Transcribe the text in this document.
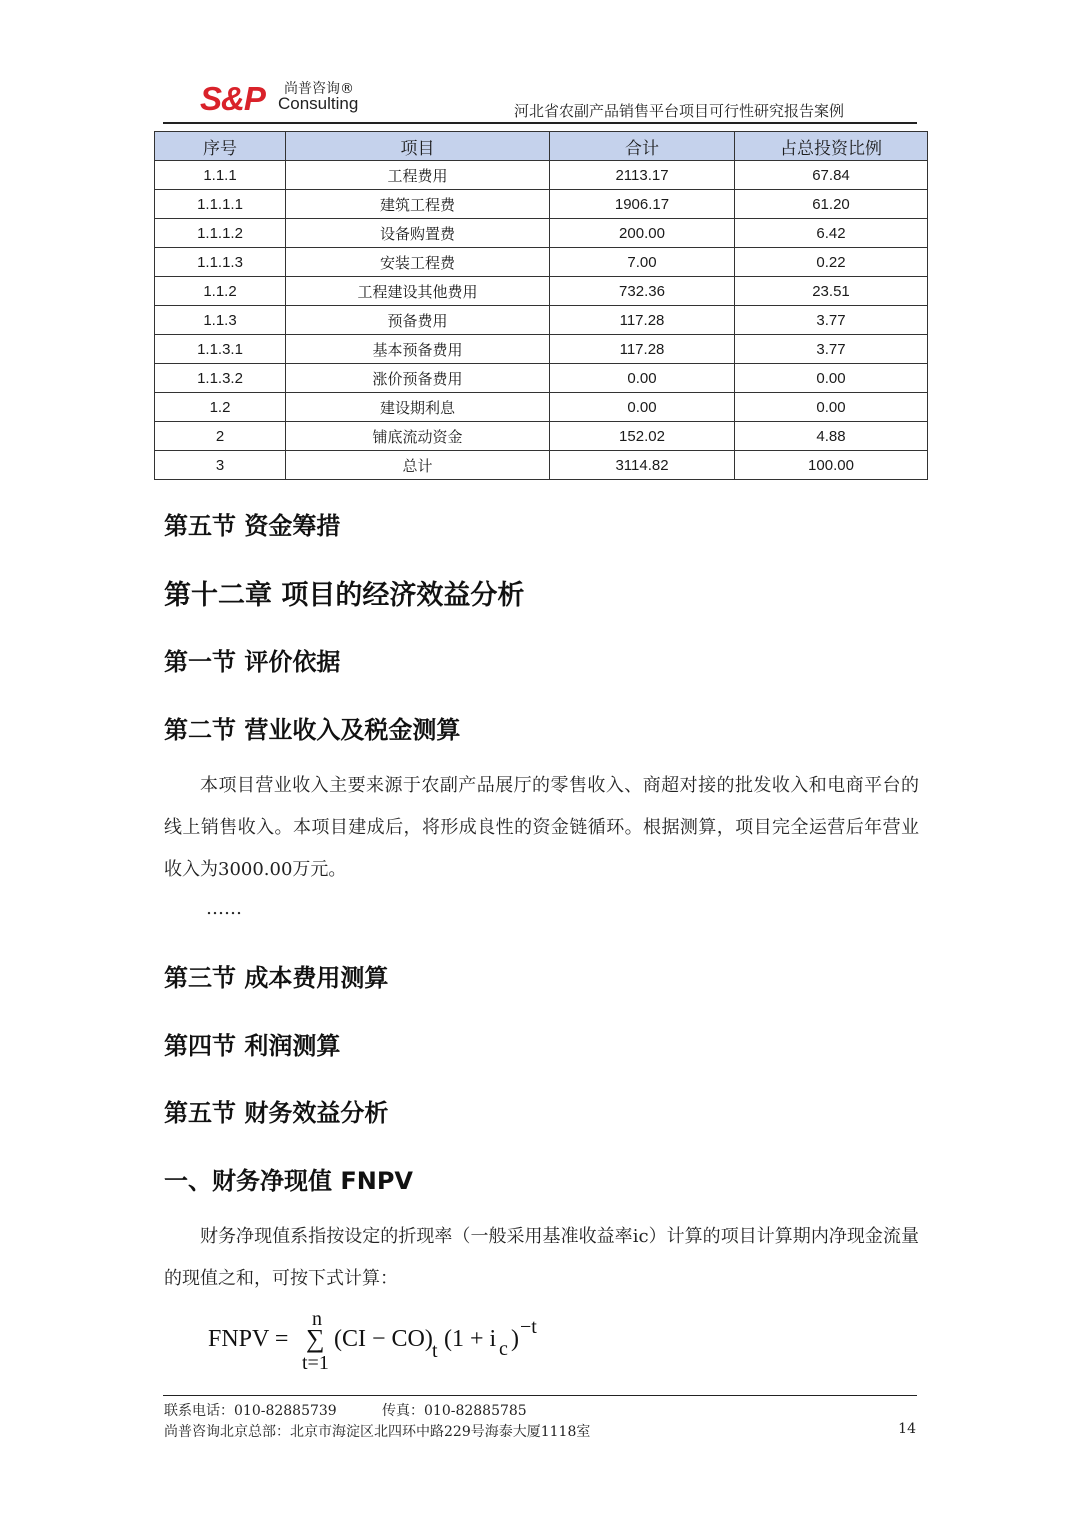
S&P 尚普咨询®
Consulting	河北省农副产品销售平台项目可行性研究报告案例
序号	项目	合计	占总投资比例
1.1.1	工程费用	2113.17	67.84
1.1.1.1	建筑工程费	1906.17	61.20
1.1.1.2	设备购置费	200.00	6.42
1.1.1.3	安装工程费	7.00	0.22
1.1.2	工程建设其他费用	732.36	23.51
1.1.3	预备费用	117.28	3.77
1.1.3.1	基本预备费用	117.28	3.77
1.1.3.2	涨价预备费用	0.00	0.00
1.2	建设期利息	0.00	0.00
2	铺底流动资金	152.02	4.88
3	总计	3114.82	100.00
第五节 资金筹措
第十二章 项目的经济效益分析
第一节 评价依据
第二节 营业收入及税金测算
本项目营业收入主要来源于农副产品展厅的零售收入、商超对接的批发收入和电商平台的线上销售收入。本项目建成后，将形成良性的资金链循环。根据测算，项目完全运营后年营业收入为3000.00万元。
……
第三节 成本费用测算
第四节 利润测算
第五节 财务效益分析
一、财务净现值 FNPV
财务净现值系指按设定的折现率（一般采用基准收益率ic）计算的项目计算期内净现金流量的现值之和，可按下式计算：
FNPV =
n
∑
t=1
(CI − CO) t (1 + i c ) −t
联系电话：010-82885739	传真：010-82885785
尚普咨询北京总部：北京市海淀区北四环中路229号海泰大厦1118室	14
